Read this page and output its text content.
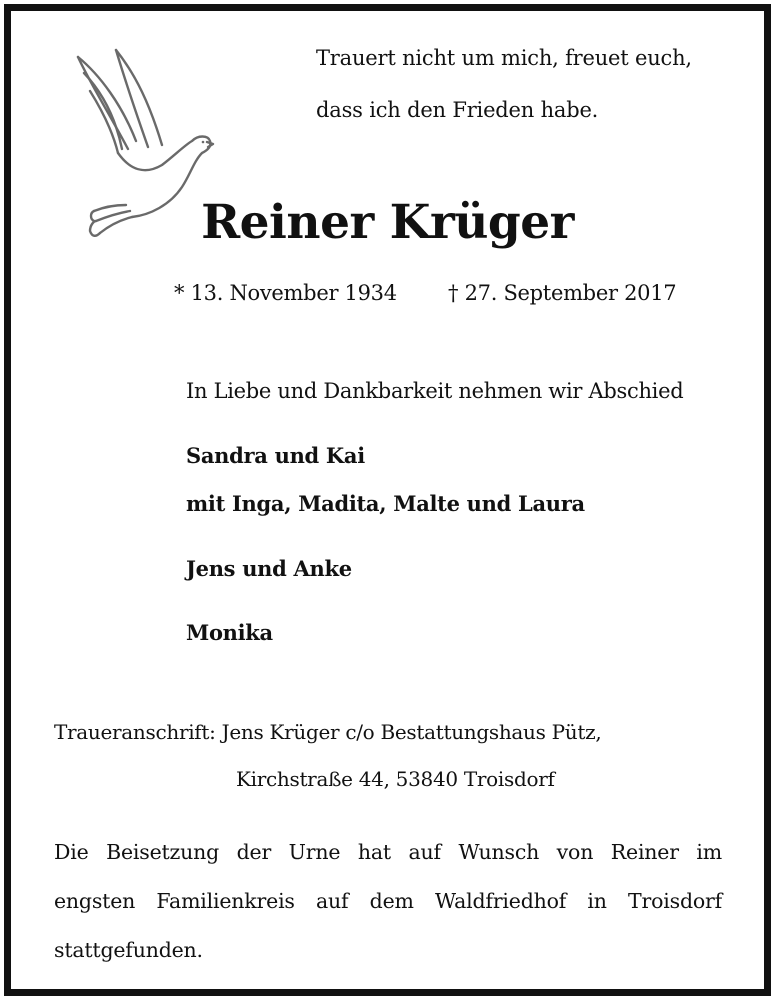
Trauert nicht um mich, freuet euch,
dass ich den Frieden habe.
Reiner Krüger
* 13. November 1934 † 27. September 2017
In Liebe und Dankbarkeit nehmen wir Abschied
Sandra und Kai
mit Inga, Madita, Malte und Laura
Jens und Anke
Monika
Traueranschrift: Jens Krüger c/o Bestattungshaus Pütz,
Kirchstraße 44, 53840 Troisdorf
Die Beisetzung der Urne hat auf Wunsch von Reiner im engsten Familienkreis auf dem Waldfriedhof in Troisdorf stattgefunden.
